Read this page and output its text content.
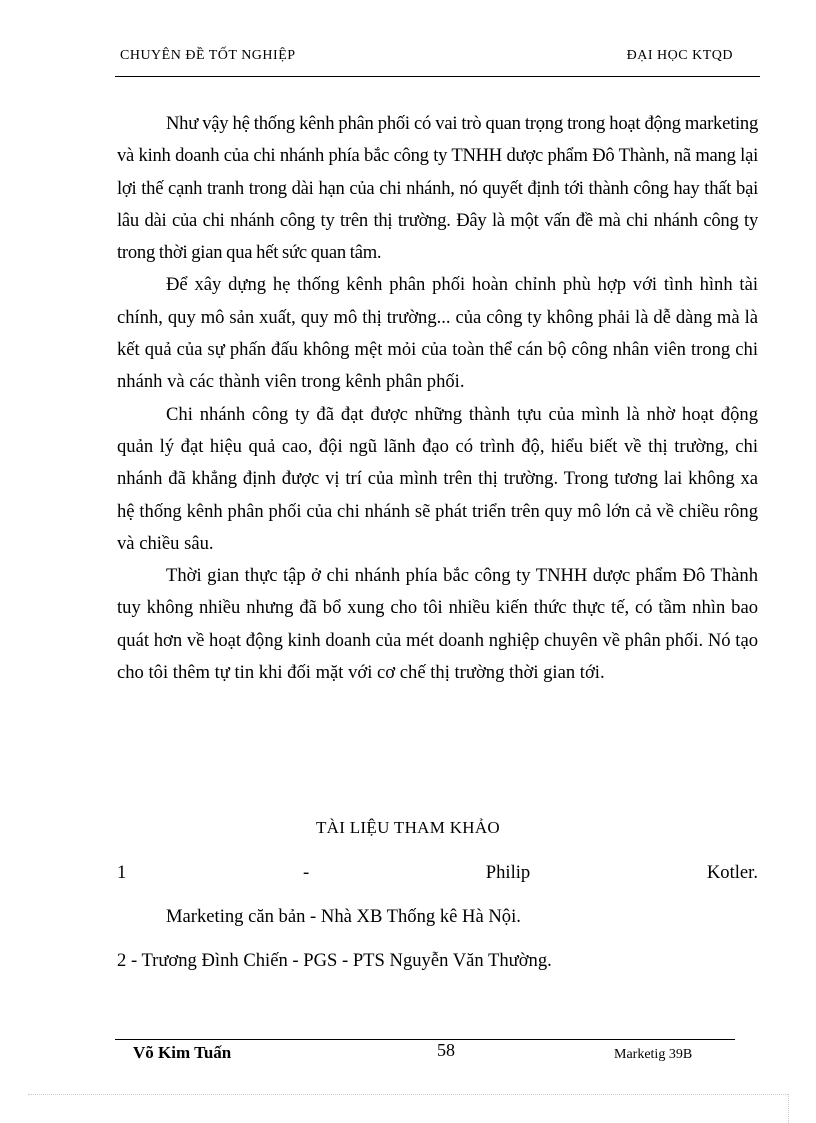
CHUYÊN ĐỀ TỐT NGHIỆP	ĐẠI HỌC KTQD

Như vậy hệ thống kênh phân phối có vai trò quan trọng trong hoạt động marketing và kinh doanh của chi nhánh phía bắc công ty TNHH dược phẩm Đô Thành, nã mang lại lợi thế cạnh tranh trong dài hạn của chi nhánh, nó quyết định tới thành công hay thất bại lâu dài của chi nhánh công ty trên thị trường. Đây là một vấn đề mà chi nhánh công ty trong thời gian qua hết sức quan tâm.

Để xây dựng hẹ thống kênh phân phối hoàn chỉnh phù hợp với tình hình tài chính, quy mô sản xuất, quy mô thị trường... của công ty không phải là dễ dàng mà là kết quả của sự phấn đấu không mệt mỏi của toàn thể cán bộ công nhân viên trong chi nhánh và các thành viên trong kênh phân phối.

Chi nhánh công ty đã đạt được những thành tựu của mình là nhờ hoạt động quản lý đạt hiệu quả cao, đội ngũ lãnh đạo có trình độ, hiểu biết về thị trường, chi nhánh đã khẳng định được vị trí của mình trên thị trường. Trong tương lai không xa hệ thống kênh phân phối của chi nhánh sẽ phát triển trên quy mô lớn cả về chiều rông và chiều sâu.

Thời gian thực tập ở chi nhánh phía bắc công ty TNHH dược phẩm Đô Thành tuy không nhiều nhưng đã bổ xung cho tôi nhiều kiến thức thực tế, có tầm nhìn bao quát hơn về hoạt động kinh doanh của mét doanh nghiệp chuyên về phân phối. Nó tạo cho tôi thêm tự tin khi đối mặt với cơ chế thị trường thời gian tới.

TÀI LIỆU THAM KHẢO
1	-	Philip	Kotler.
Marketing căn bản - Nhà XB Thống kê Hà Nội.
2 - Trương Đình Chiến - PGS - PTS Nguyễn Văn Thường.
Võ Kim Tuấn	58	Marketig 39B
